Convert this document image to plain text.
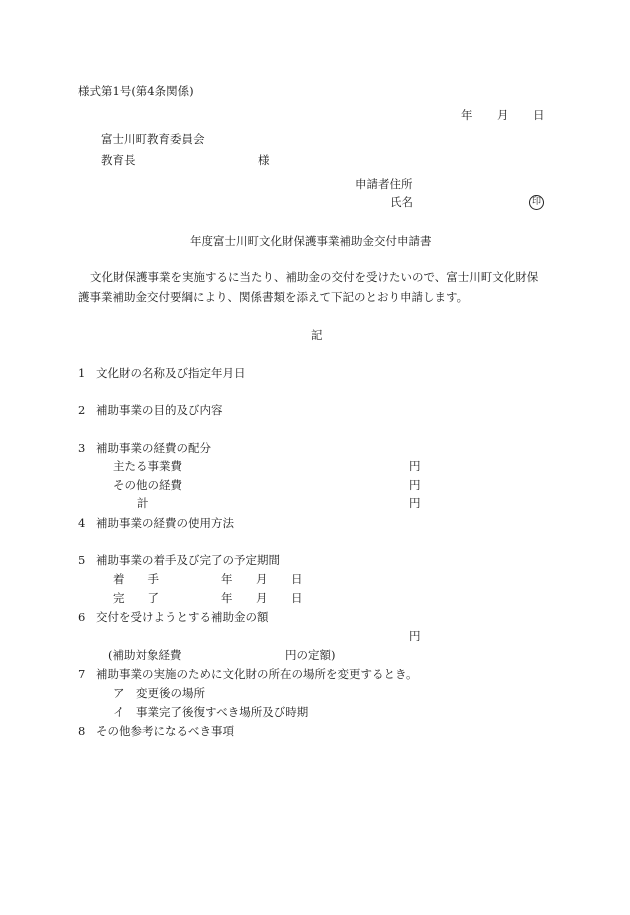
様式第1号(第4条関係)
年 月 日
富士川町教育委員会
教育長	様
申請者住所
氏名	印
年度富士川町文化財保護事業補助金交付申請書
文化財保護事業を実施するに当たり、補助金の交付を受けたいので、富士川町文化財保
護事業補助金交付要綱により、関係書類を添えて下記のとおり申請します。
記
1 文化財の名称及び指定年月日
2 補助事業の目的及び内容
3 補助事業の経費の配分
主たる事業費	円
その他の経費	円
計	円
4 補助事業の経費の使用方法
5 補助事業の着手及び完了の予定期間
着　　手	年 月 日
完　　了	年 月 日
6 交付を受けようとする補助金の額
円
(補助対象経費	円の定額)
7 補助事業の実施のために文化財の所在の場所を変更するとき。
ア　変更後の場所
イ　事業完了後復すべき場所及び時期
8 その他参考になるべき事項
